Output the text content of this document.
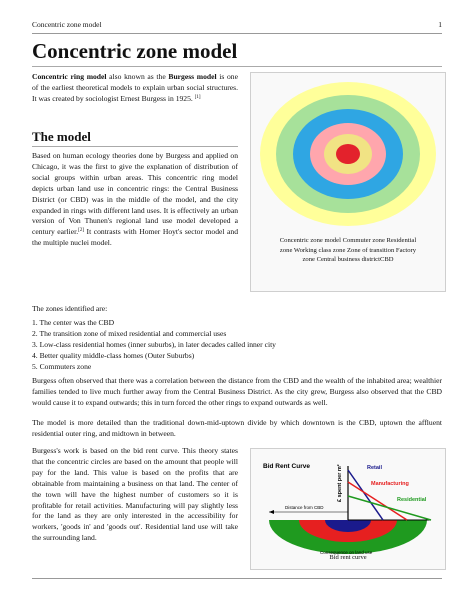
Concentric zone model	1
Concentric zone model

Concentric ring model also known as the Burgess model is one of the earliest theoretical models to explain urban social structures. It was created by sociologist Ernest Burgess in 1925. [1]

The model

Based on human ecology theories done by Burgess and applied on Chicago, it was the first to give the explanation of distribution of social groups within urban areas. This concentric ring model depicts urban land use in concentric rings: the Central Business District (or CBD) was in the middle of the model, and the city expanded in rings with different land uses. It is effectively an urban version of Von Thunen's regional land use model developed a century earlier.[2] It contrasts with Homer Hoyt's sector model and the multiple nuclei model.	Concentric zone model Commuter zone Residential
zone Working class zone Zone of transition Factory
zone Central business districtCBD

The zones identified are:

1. The center was the CBD
2. The transition zone of mixed residential and commercial uses
3. Low-class residential homes (inner suburbs), in later decades called inner city
4. Better quality middle-class homes (Outer Suburbs)
5. Commuters zone

Burgess often observed that there was a correlation between the distance from the CBD and the wealth of the inhabited area; wealthier families tended to live much further away from the Central Business District. As the city grew, Burgess also observed that the CBD would cause it to expand outwards; this in turn forced the other rings to expand outwards as well.

The model is more detailed than the traditional down-mid-uptown divide by which downtown is the CBD, uptown the affluent residential outer ring, and midtown in between.

Burgess's work is based on the bid rent curve. This theory states that the concentric circles are based on the amount that people will pay for the land. This value is based on the profits that are obtainable from maintaining a business on that land. The center of the town will have the highest number of customers so it is profitable for retail activities. Manufacturing will pay slightly less for the land as they are only interested in the accessibility for workers, 'goods in' and 'goods out'. Residential land use will take the surrounding land.

Bid Rent Curve	£ spent per m²	Retail
Manufacturing
Residential
Distance from CBD
Consequence on land use
Bid rent curve
